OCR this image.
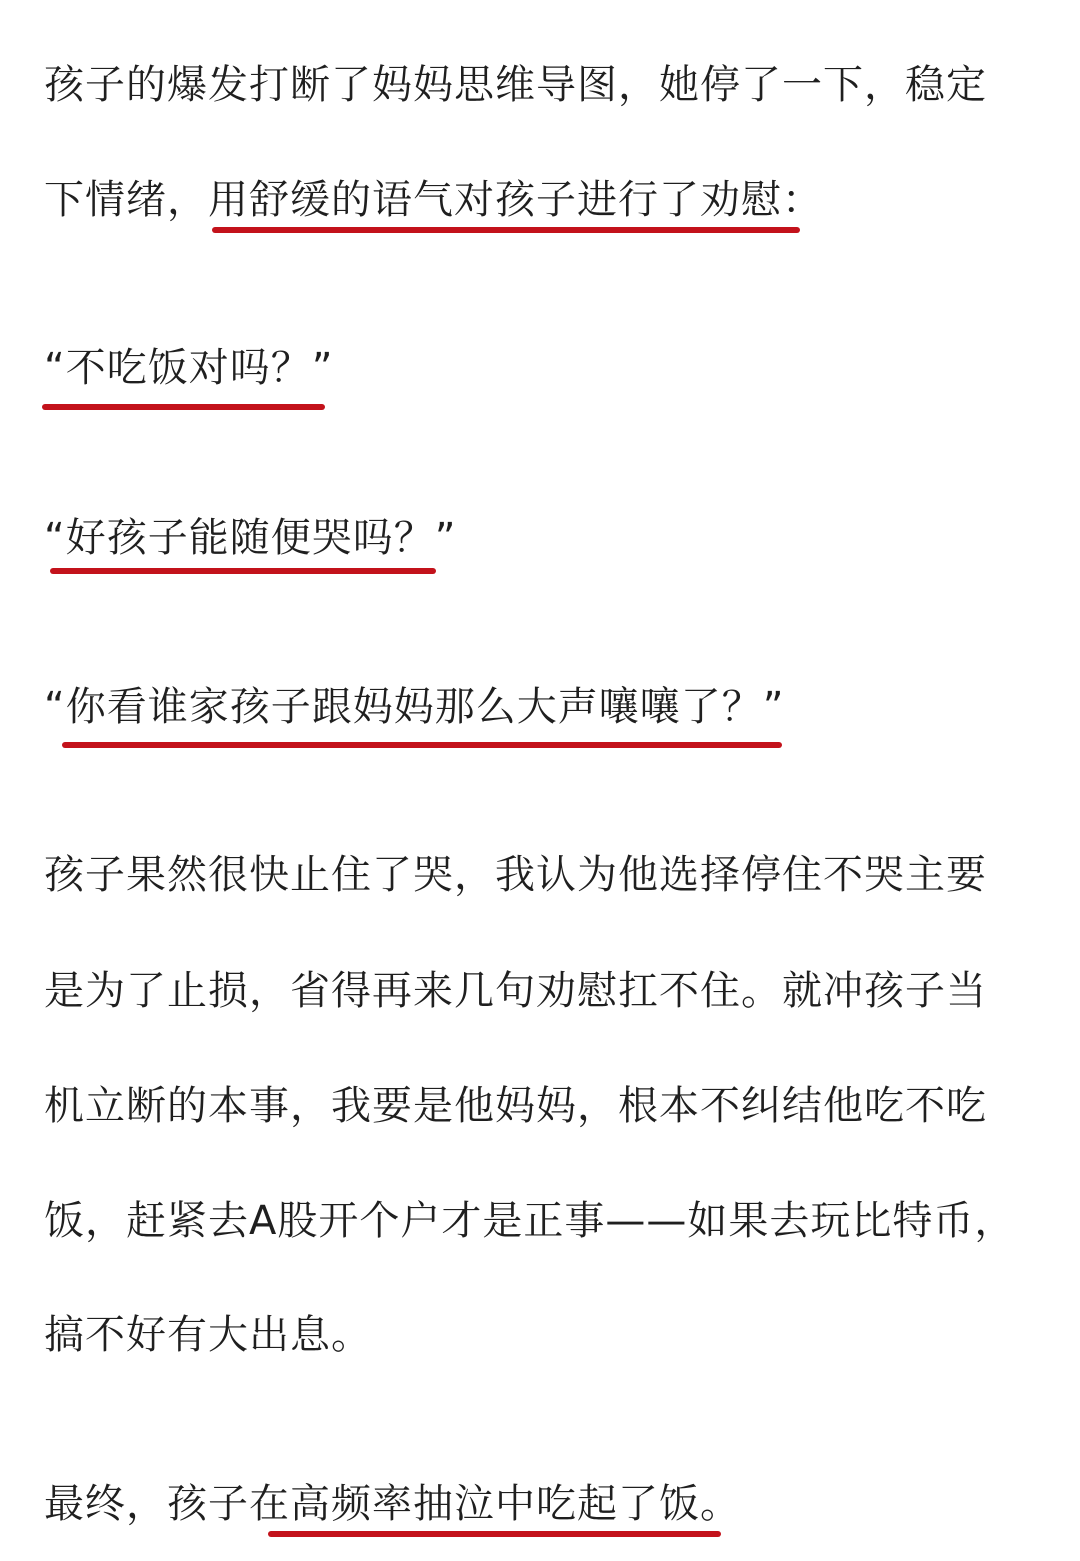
孩子的爆发打断了妈妈思维导图，她停了一下，稳定
下情绪，用舒缓的语气对孩子进行了劝慰：
“不吃饭对吗？”
“好孩子能随便哭吗？”
“你看谁家孩子跟妈妈那么大声嚷嚷了？”
孩子果然很快止住了哭，我认为他选择停住不哭主要
是为了止损，省得再来几句劝慰扛不住。就冲孩子当
机立断的本事，我要是他妈妈，根本不纠结他吃不吃
饭，赶紧去A股开个户才是正事——如果去玩比特币，
搞不好有大出息。
最终，孩子在高频率抽泣中吃起了饭。
